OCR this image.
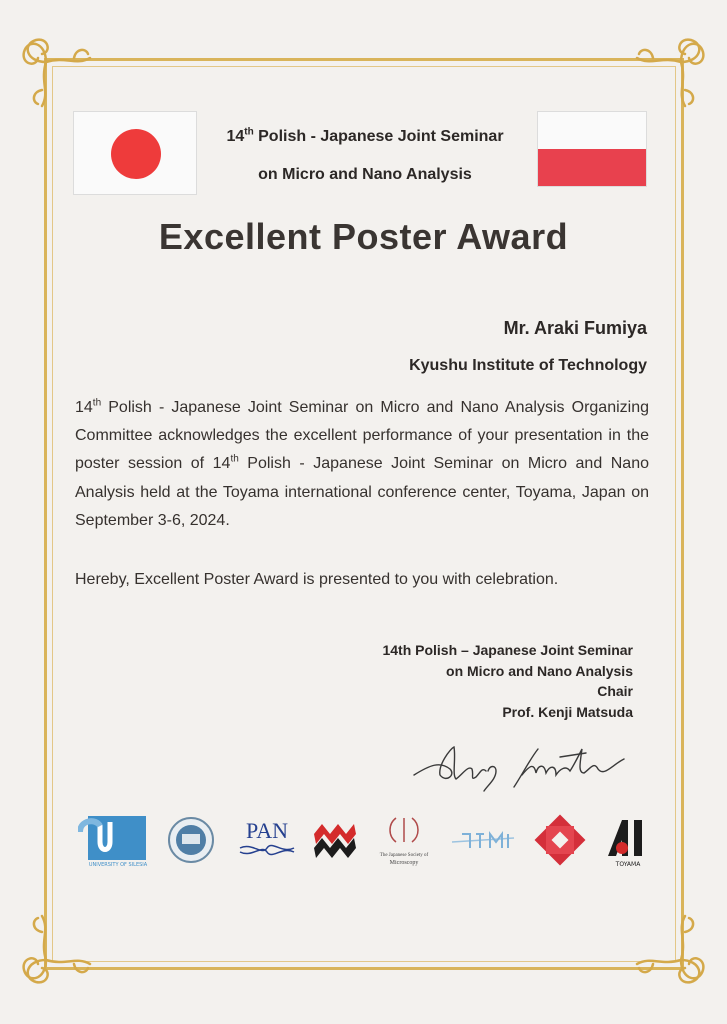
14th Polish - Japanese Joint Seminar
on Micro and Nano Analysis
Excellent Poster Award
Mr. Araki Fumiya
Kyushu Institute of Technology
14th Polish - Japanese Joint Seminar on Micro and Nano Analysis Organizing Committee acknowledges the excellent performance of your presentation in the poster session of 14th Polish - Japanese Joint Seminar on Micro and Nano Analysis held at the Toyama international conference center, Toyama, Japan on September 3-6, 2024.
Hereby, Excellent Poster Award is presented to you with celebration.
14th Polish – Japanese Joint Seminar
on Micro and Nano Analysis
Chair
Prof. Kenji Matsuda
UNIVERSITY OF SILESIA
PAN
The Japanese Society of
Microscopy	TOYAMA
